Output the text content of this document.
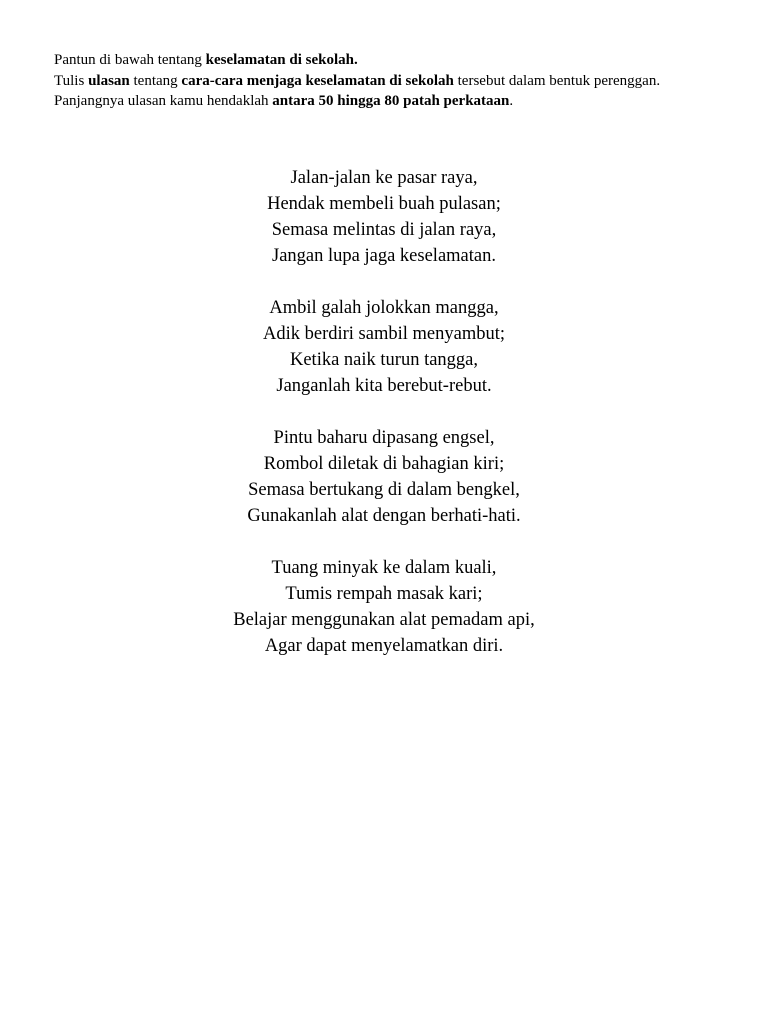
Pantun di bawah tentang keselamatan di sekolah.

Tulis ulasan tentang cara-cara menjaga keselamatan di sekolah tersebut dalam bentuk perenggan.

Panjangnya ulasan kamu hendaklah antara 50 hingga 80 patah perkataan.

Jalan-jalan ke pasar raya,
Hendak membeli buah pulasan;
Semasa melintas di jalan raya,
Jangan lupa jaga keselamatan.
Ambil galah jolokkan mangga,
Adik berdiri sambil menyambut;
Ketika naik turun tangga,
Janganlah kita berebut-rebut.
Pintu baharu dipasang engsel,
Rombol diletak di bahagian kiri;
Semasa bertukang di dalam bengkel,
Gunakanlah alat dengan berhati-hati.
Tuang minyak ke dalam kuali,
Tumis rempah masak kari;
Belajar menggunakan alat pemadam api,
Agar dapat menyelamatkan diri.
